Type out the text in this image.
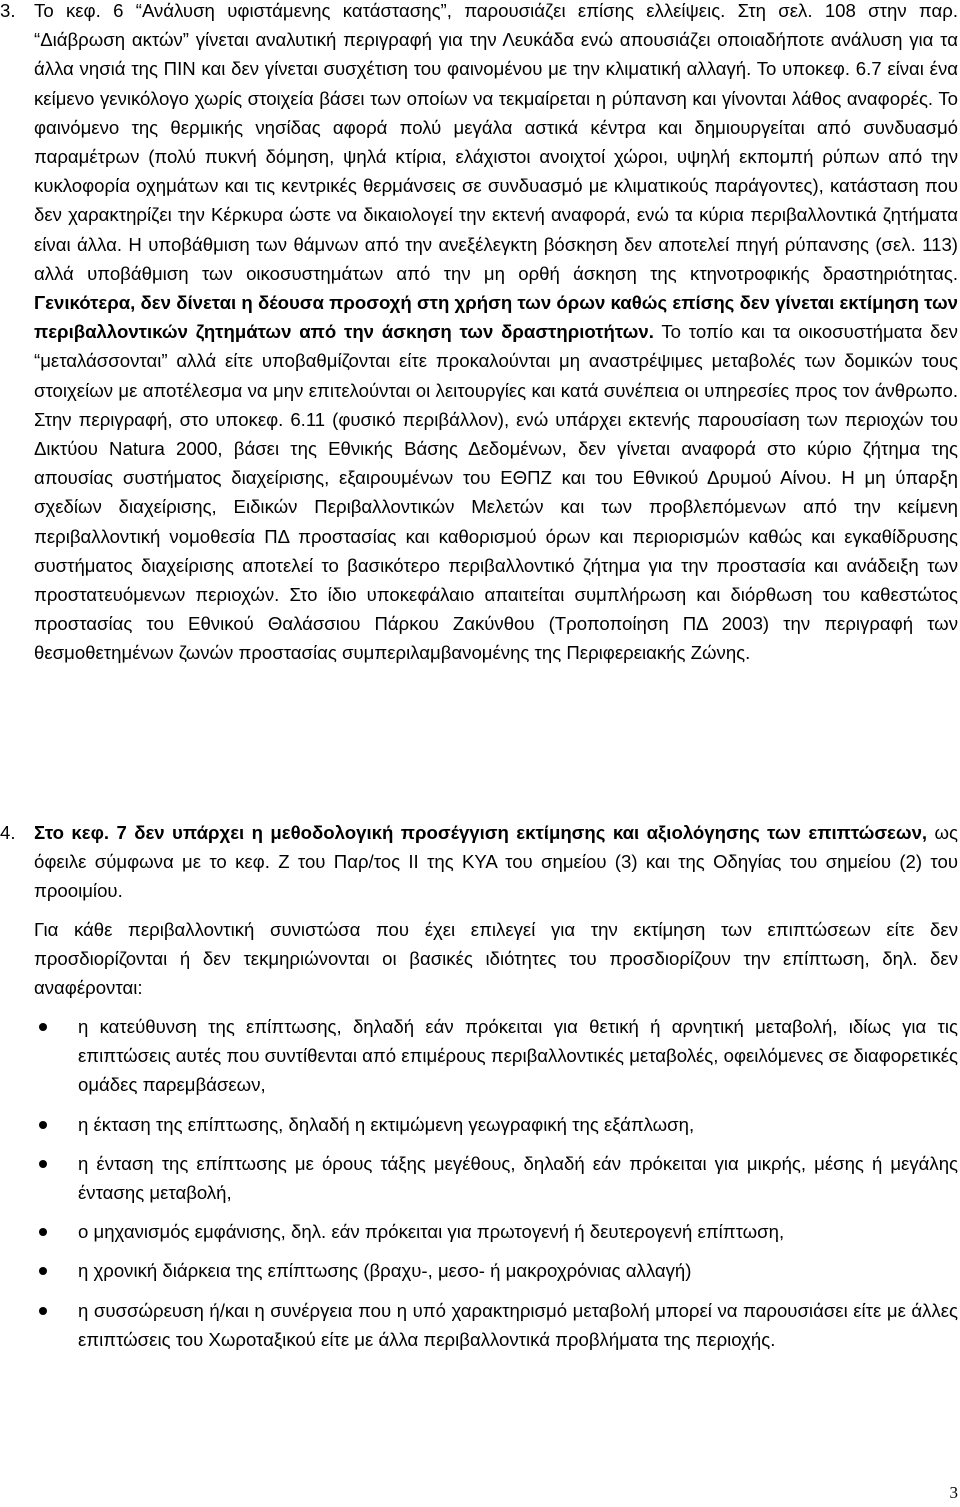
3. Το κεφ. 6 “Ανάλυση υφιστάμενης κατάστασης”, παρουσιάζει επίσης ελλείψεις. Στη σελ. 108 στην παρ. “Διάβρωση ακτών” γίνεται αναλυτική περιγραφή για την Λευκάδα ενώ απουσιάζει οποιαδήποτε ανάλυση για τα άλλα νησιά της ΠΙΝ και δεν γίνεται συσχέτιση του φαινομένου με την κλιματική αλλαγή. Το υποκεφ. 6.7 είναι ένα κείμενο γενικόλογο χωρίς στοιχεία βάσει των οποίων να τεκμαίρεται η ρύπανση και γίνονται λάθος αναφορές. Το φαινόμενο της θερμικής νησίδας αφορά πολύ μεγάλα αστικά κέντρα και δημιουργείται από συνδυασμό παραμέτρων (πολύ πυκνή δόμηση, ψηλά κτίρια, ελάχιστοι ανοιχτοί χώροι, υψηλή εκπομπή ρύπων από την κυκλοφορία οχημάτων και τις κεντρικές θερμάνσεις σε συνδυασμό με κλιματικούς παράγοντες), κατάσταση που δεν χαρακτηρίζει την Κέρκυρα ώστε να δικαιολογεί την εκτενή αναφορά, ενώ τα κύρια περιβαλλοντικά ζητήματα είναι άλλα. Η υποβάθμιση των θάμνων από την ανεξέλεγκτη βόσκηση δεν αποτελεί πηγή ρύπανσης (σελ. 113) αλλά υποβάθμιση των οικοσυστημάτων από την μη ορθή άσκηση της κτηνοτροφικής δραστηριότητας. Γενικότερα, δεν δίνεται η δέουσα προσοχή στη χρήση των όρων καθώς επίσης δεν γίνεται εκτίμηση των περιβαλλοντικών ζητημάτων από την άσκηση των δραστηριοτήτων. Το τοπίο και τα οικοσυστήματα δεν “μεταλάσσονται” αλλά είτε υποβαθμίζονται είτε προκαλούνται μη αναστρέψιμες μεταβολές των δομικών τους στοιχείων με αποτέλεσμα να μην επιτελούνται οι λειτουργίες και κατά συνέπεια οι υπηρεσίες προς τον άνθρωπο. Στην περιγραφή, στο υποκεφ. 6.11 (φυσικό περιβάλλον), ενώ υπάρχει εκτενής παρουσίαση των περιοχών του Δικτύου Natura 2000, βάσει της Εθνικής Βάσης Δεδομένων, δεν γίνεται αναφορά στο κύριο ζήτημα της απουσίας συστήματος διαχείρισης, εξαιρουμένων του ΕΘΠΖ και του Εθνικού Δρυμού Αίνου. Η μη ύπαρξη σχεδίων διαχείρισης, Ειδικών Περιβαλλοντικών Μελετών και των προβλεπόμενων από την κείμενη περιβαλλοντική νομοθεσία ΠΔ προστασίας και καθορισμού όρων και περιορισμών καθώς και εγκαθίδρυσης συστήματος διαχείρισης αποτελεί το βασικότερο περιβαλλοντικό ζήτημα για την προστασία και ανάδειξη των προστατευόμενων περιοχών. Στο ίδιο υποκεφάλαιο απαιτείται συμπλήρωση και διόρθωση του καθεστώτος προστασίας του Εθνικού Θαλάσσιου Πάρκου Ζακύνθου (Τροποποίηση ΠΔ 2003) την περιγραφή των θεσμοθετημένων ζωνών προστασίας συμπεριλαμβανομένης της Περιφερειακής Ζώνης.
4. Στο κεφ. 7 δεν υπάρχει η μεθοδολογική προσέγγιση εκτίμησης και αξιολόγησης των επιπτώσεων, ως όφειλε σύμφωνα με το κεφ. Ζ του Παρ/τος ΙΙ της ΚΥΑ του σημείου (3) και της Οδηγίας του σημείου (2) του προοιμίου.

Για κάθε περιβαλλοντική συνιστώσα που έχει επιλεγεί για την εκτίμηση των επιπτώσεων είτε δεν προσδιορίζονται ή δεν τεκμηριώνονται οι βασικές ιδιότητες του προσδιορίζουν την επίπτωση, δηλ. δεν αναφέρονται:

η κατεύθυνση της επίπτωσης, δηλαδή εάν πρόκειται για θετική ή αρνητική μεταβολή, ιδίως για τις επιπτώσεις αυτές που συντίθενται από επιμέρους περιβαλλοντικές μεταβολές, οφειλόμενες σε διαφορετικές ομάδες παρεμβάσεων,
η έκταση της επίπτωσης, δηλαδή η εκτιμώμενη γεωγραφική της εξάπλωση,
η ένταση της επίπτωσης με όρους τάξης μεγέθους, δηλαδή εάν πρόκειται για μικρής, μέσης ή μεγάλης έντασης μεταβολή,
ο μηχανισμός εμφάνισης, δηλ. εάν πρόκειται για πρωτογενή ή δευτερογενή επίπτωση,
η χρονική διάρκεια της επίπτωσης (βραχυ-, μεσο- ή μακροχρόνιας αλλαγή)
η συσσώρευση ή/και η συνέργεια που η υπό χαρακτηρισμό μεταβολή μπορεί να παρουσιάσει είτε με άλλες επιπτώσεις του Χωροταξικού είτε με άλλα περιβαλλοντικά προβλήματα της περιοχής.
3
